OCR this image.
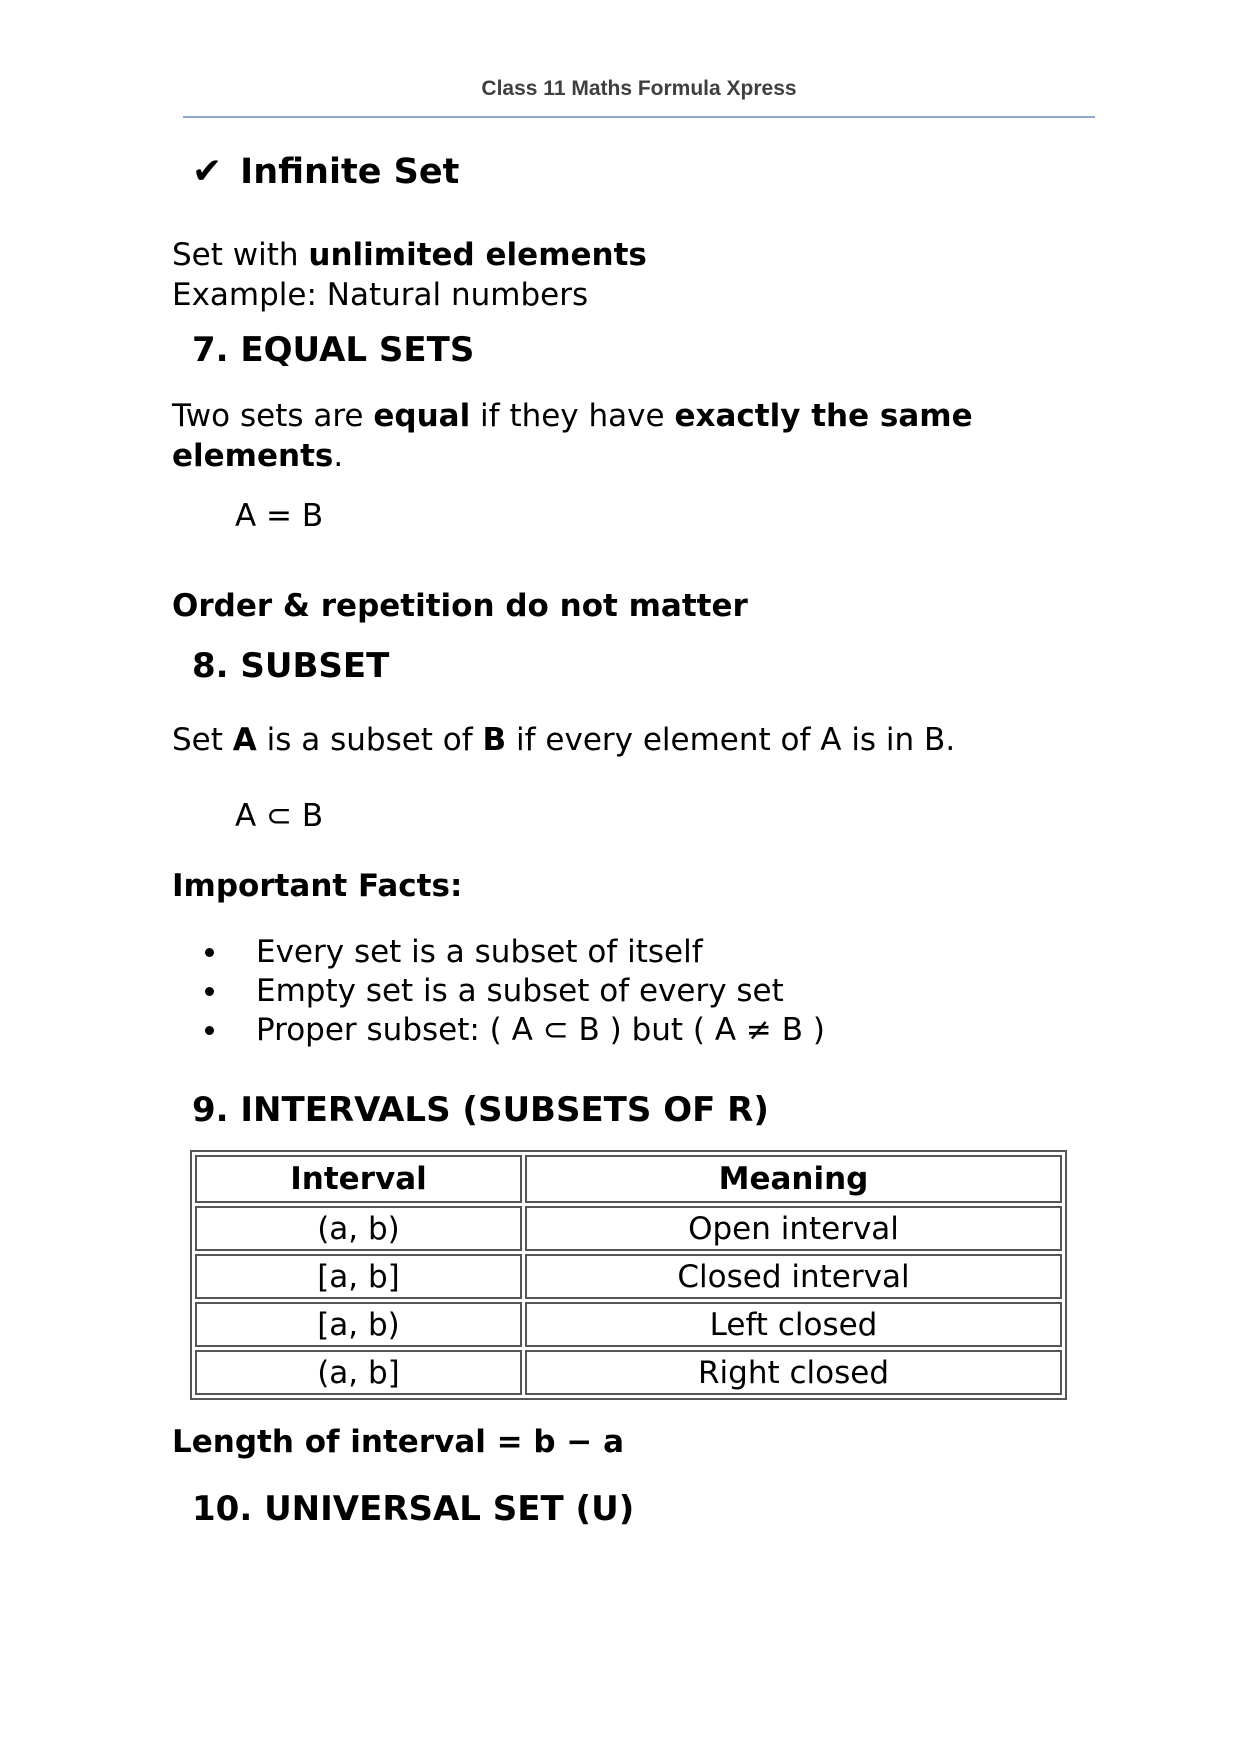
Class 11 Maths Formula Xpress
✔ Infinite Set
Set with unlimited elements
Example: Natural numbers
7. EQUAL SETS
Two sets are equal if they have exactly the same
elements.
A = B
Order & repetition do not matter
8. SUBSET
Set A is a subset of B if every element of A is in B.
A ⊂ B
Important Facts:
Every set is a subset of itself
Empty set is a subset of every set
Proper subset: ( A ⊂ B ) but ( A ≠ B )
9. INTERVALS (SUBSETS OF R)
Interval	Meaning
(a, b)	Open interval
[a, b]	Closed interval
[a, b)	Left closed
(a, b]	Right closed
Length of interval = b − a
10. UNIVERSAL SET (U)
